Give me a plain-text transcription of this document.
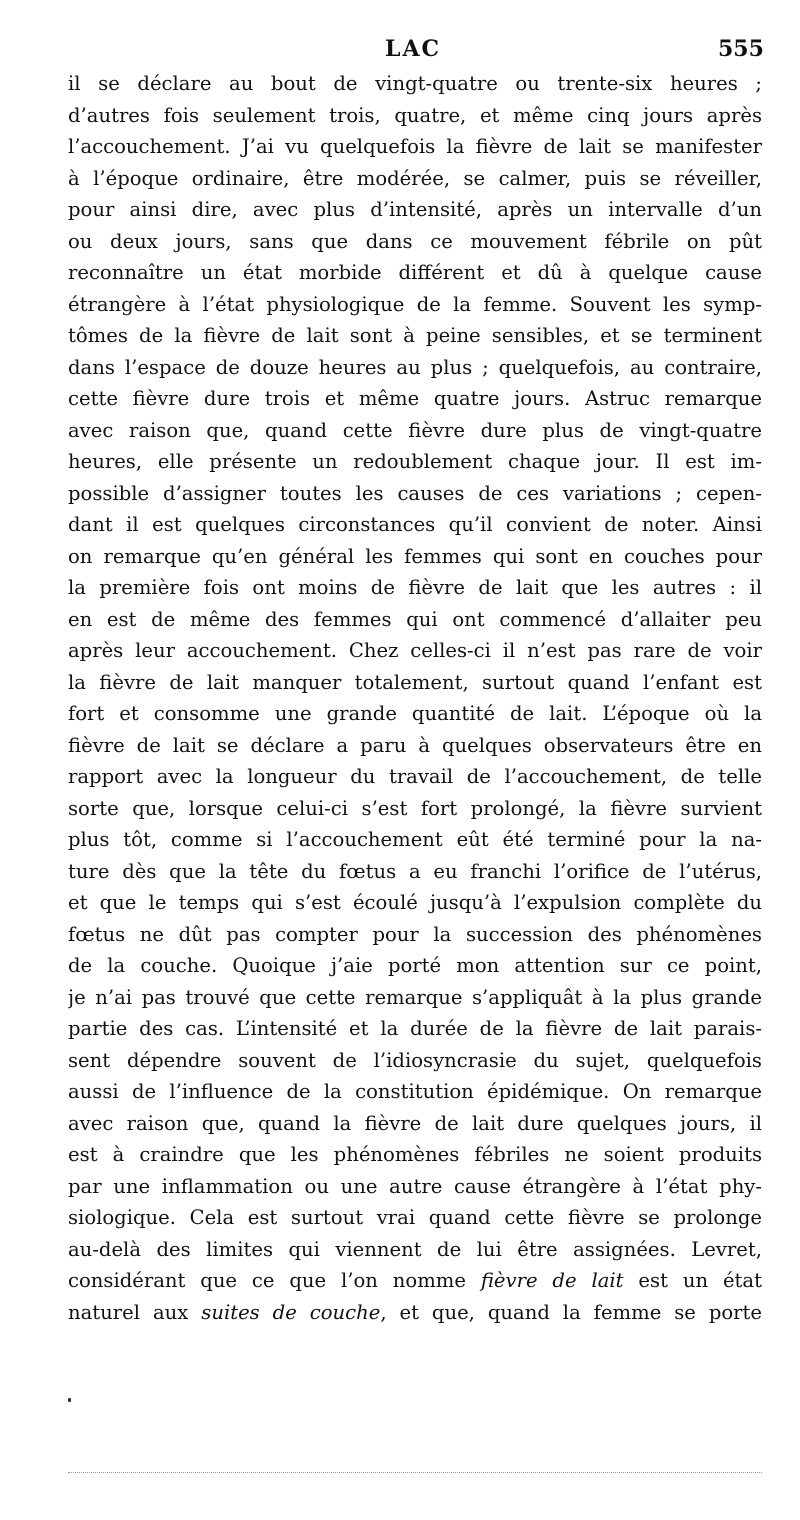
LAC	555
il se déclare au bout de vingt-quatre ou trente-six heures ;
d’autres fois seulement trois, quatre, et même cinq jours après
l’accouchement. J’ai vu quelquefois la fièvre de lait se manifester
à l’époque ordinaire, être modérée, se calmer, puis se réveiller,
pour ainsi dire, avec plus d’intensité, après un intervalle d’un
ou deux jours, sans que dans ce mouvement fébrile on pût
reconnaître un état morbide différent et dû à quelque cause
étrangère à l’état physiologique de la femme. Souvent les symp-
tômes de la fièvre de lait sont à peine sensibles, et se terminent
dans l’espace de douze heures au plus ; quelquefois, au contraire,
cette fièvre dure trois et même quatre jours. Astruc remarque
avec raison que, quand cette fièvre dure plus de vingt-quatre
heures, elle présente un redoublement chaque jour. Il est im-
possible d’assigner toutes les causes de ces variations ; cepen-
dant il est quelques circonstances qu’il convient de noter. Ainsi
on remarque qu’en général les femmes qui sont en couches pour
la première fois ont moins de fièvre de lait que les autres : il
en est de même des femmes qui ont commencé d’allaiter peu
après leur accouchement. Chez celles-ci il n’est pas rare de voir
la fièvre de lait manquer totalement, surtout quand l’enfant est
fort et consomme une grande quantité de lait. L’époque où la
fièvre de lait se déclare a paru à quelques observateurs être en
rapport avec la longueur du travail de l’accouchement, de telle
sorte que, lorsque celui-ci s’est fort prolongé, la fièvre survient
plus tôt, comme si l’accouchement eût été terminé pour la na-
ture dès que la tête du fœtus a eu franchi l’orifice de l’utérus,
et que le temps qui s’est écoulé jusqu’à l’expulsion complète du
fœtus ne dût pas compter pour la succession des phénomènes
de la couche. Quoique j’aie porté mon attention sur ce point,
je n’ai pas trouvé que cette remarque s’appliquât à la plus grande
partie des cas. L’intensité et la durée de la fièvre de lait parais-
sent dépendre souvent de l’idiosyncrasie du sujet, quelquefois
aussi de l’influence de la constitution épidémique. On remarque
avec raison que, quand la fièvre de lait dure quelques jours, il
est à craindre que les phénomènes fébriles ne soient produits
par une inflammation ou une autre cause étrangère à l’état phy-
siologique. Cela est surtout vrai quand cette fièvre se prolonge
au-delà des limites qui viennent de lui être assignées. Levret,
considérant que ce que l’on nomme fièvre de lait est un état
naturel aux suites de couche, et que, quand la femme se porte
